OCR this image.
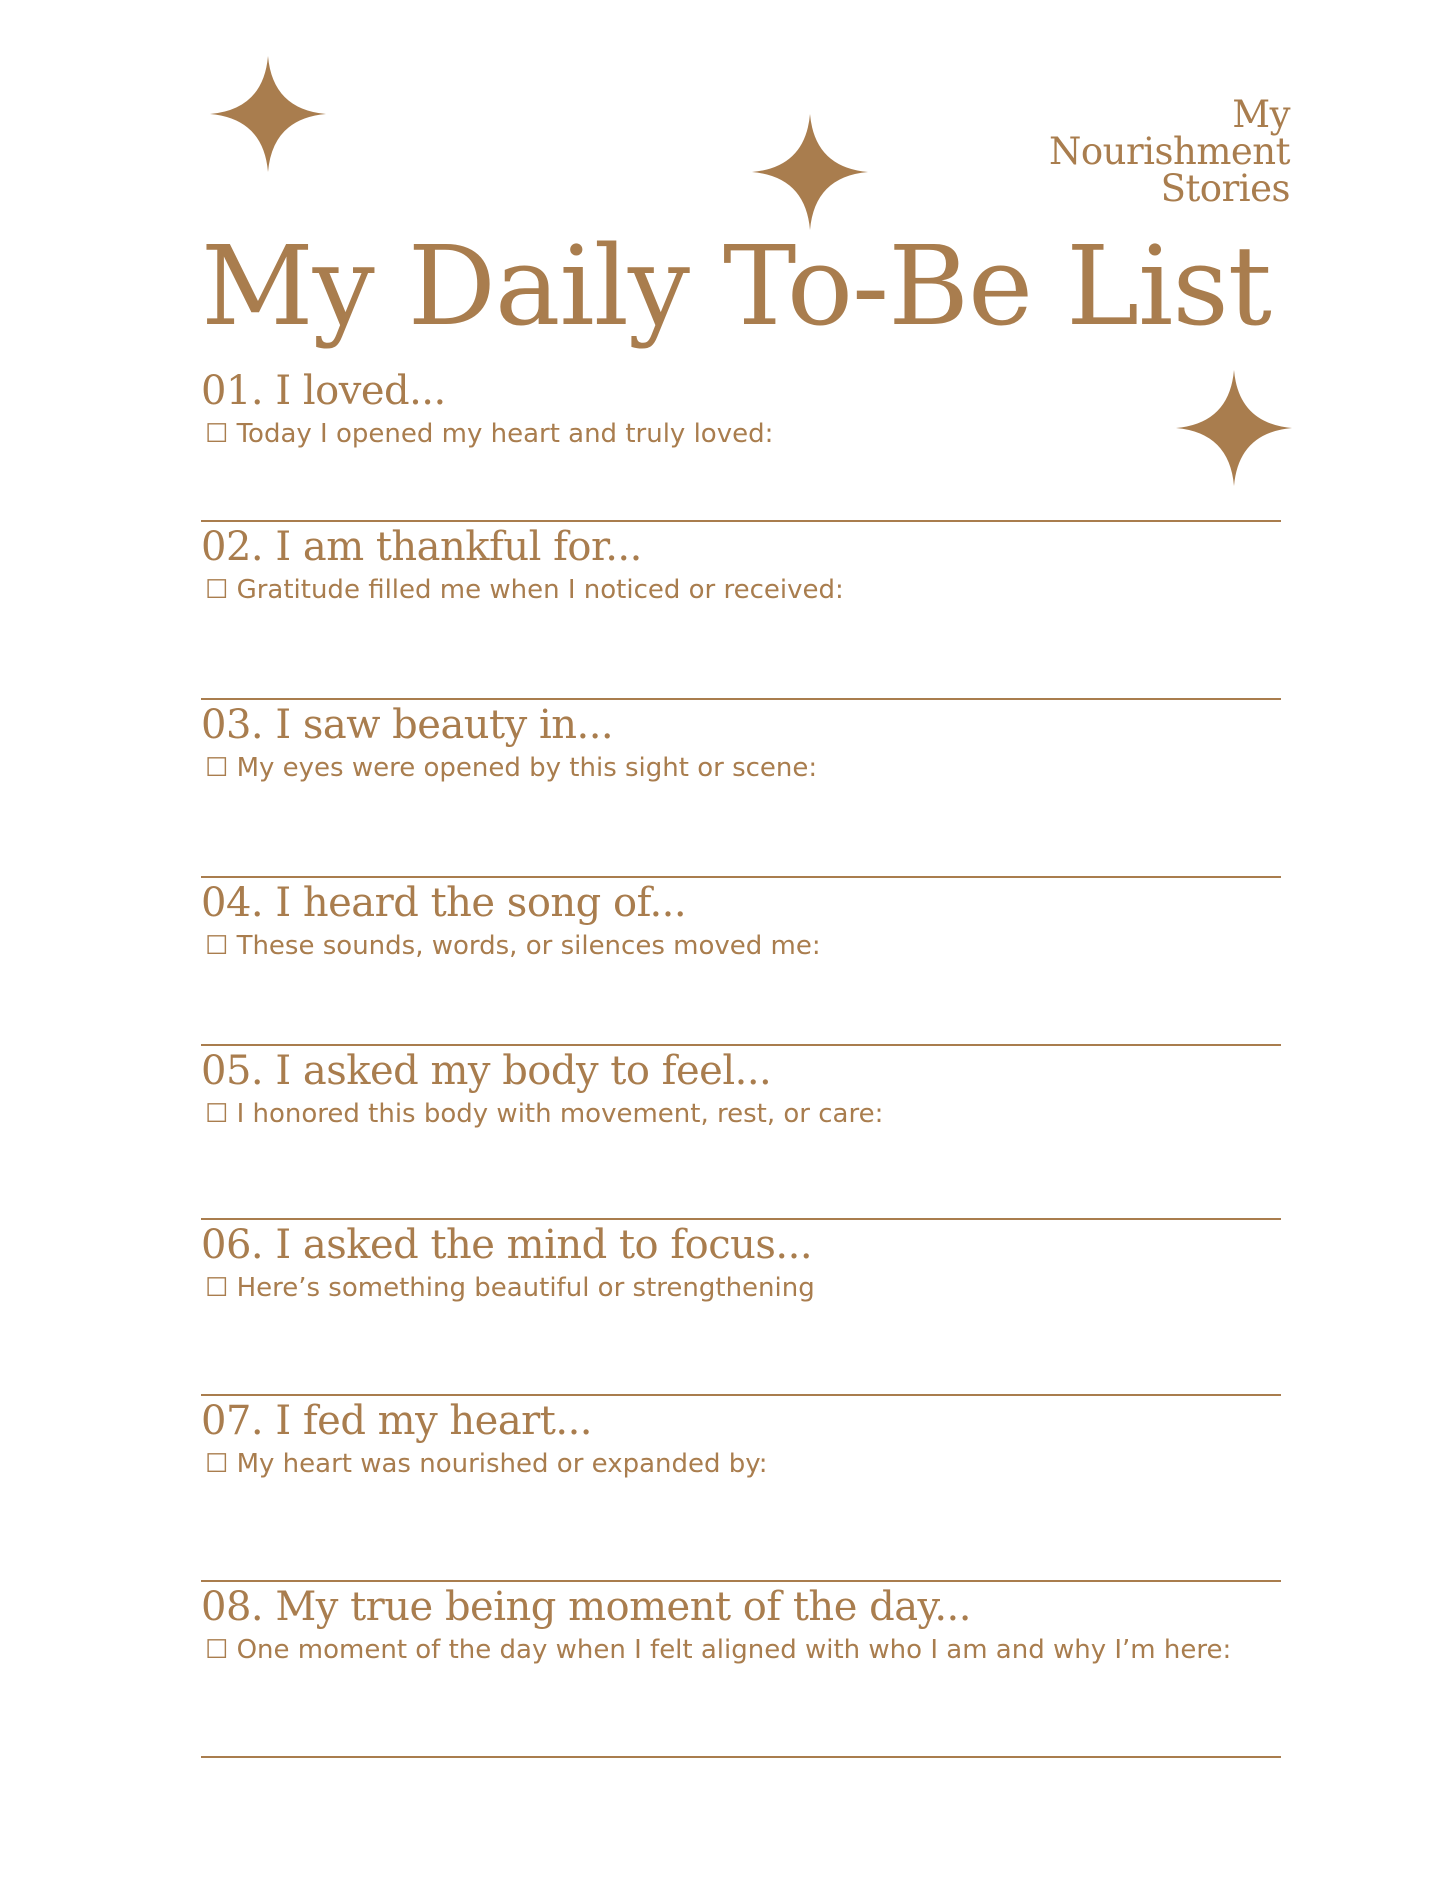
My
Nourishment
Stories
My Daily To-Be List
01. I loved...

☐ Today I opened my heart and truly loved:

02. I am thankful for...

☐ Gratitude filled me when I noticed or received:

03. I saw beauty in...

☐ My eyes were opened by this sight or scene:

04. I heard the song of...

☐ These sounds, words, or silences moved me:

05. I asked my body to feel...

☐ I honored this body with movement, rest, or care:

06. I asked the mind to focus...

☐ Here’s something beautiful or strengthening

07. I fed my heart...

☐ My heart was nourished or expanded by:

08. My true being moment of the day...

☐ One moment of the day when I felt aligned with who I am and why I’m here:
